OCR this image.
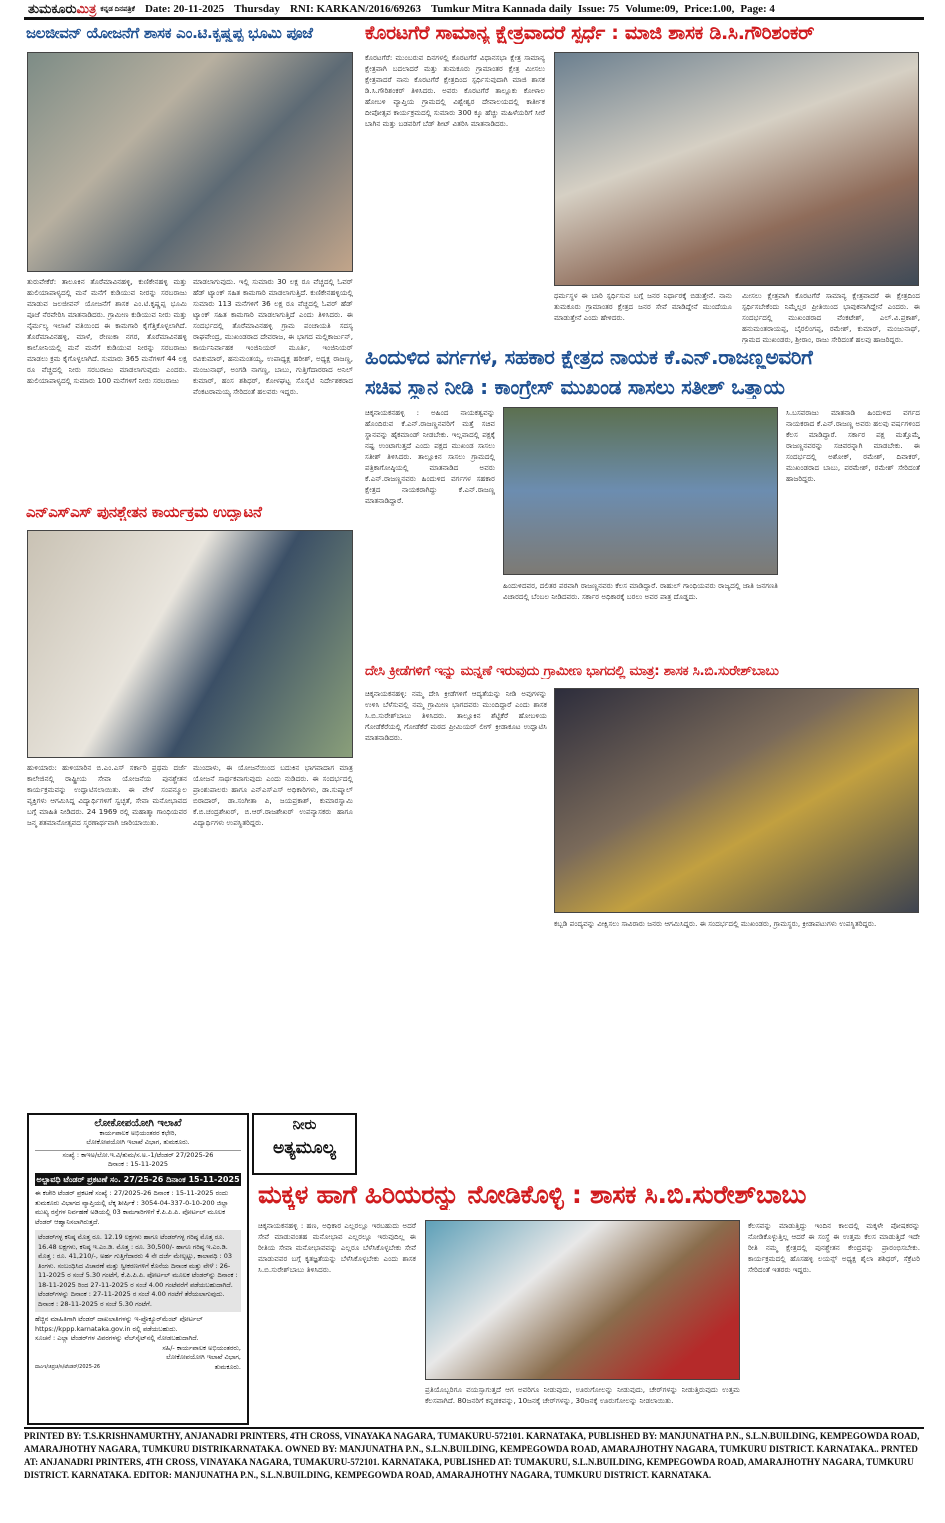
ತುಮಕೂರು ಮಿತ್ರ ಕನ್ನಡ ದಿನಪತ್ರಿಕೆ Date: 20-11-2025 Thursday RNI: KARKAN/2016/69263 Tumkur Mitra Kannada daily Issue: 75 Volume:09, Price:1.00, Page: 4
ಜಲಜೀವನ್ ಯೋಜನೆಗೆ ಶಾಸಕ ಎಂ.ಟಿ.ಕೃಷ್ಣಪ್ಪ ಭೂಮಿ ಪೂಜೆ
ತುರುವೇಕೆರೆ: ತಾಲೂಕಿನ ತೊರೆಮಾವಿನಹಳ್ಳಿ, ಕುಣಿಕೇನಹಳ್ಳಿ ಮತ್ತು ಹುಲಿಯಾಪಾಳ್ಯದಲ್ಲಿ ಮನೆ ಮನೆಗೆ ಕುಡಿಯುವ ನೀರನ್ನು ಸರಬರಾಜು ಮಾಡುವ ಜಲಜೀವನ್ ಯೋಜನೆಗೆ ಶಾಸಕ ಎಂ.ಟಿ.ಕೃಷ್ಣಪ್ಪ ಭೂಮಿ ಪೂಜೆ ನೆರವೇರಿಸಿ ಮಾತನಾಡಿದರು. ಗ್ರಾಮೀಣ ಕುಡಿಯುವ ನೀರು ಮತ್ತು ನೈರ್ಮಲ್ಯ ಇಲಾಖೆ ವತಿಯಿಂದ ಈ ಕಾಮಗಾರಿ ಕೈಗೆತ್ತಿಕೊಳ್ಳಲಾಗಿದೆ. ತೊರೆಮಾವಿನಹಳ್ಳಿ, ಮಾಳೆ, ರೇಣುಕಾ ನಗರ, ತೊರೆಮಾವಿನಹಳ್ಳಿ ಕಾಲೋನಿಯಲ್ಲಿ ಮನೆ ಮನೆಗೆ ಕುಡಿಯುವ ನೀರನ್ನು ಸರಬರಾಜು ಮಾಡಲು ಕ್ರಮ ಕೈಗೊಳ್ಳಲಾಗಿದೆ. ಸುಮಾರು 365 ಮನೆಗಳಿಗೆ 44 ಲಕ್ಷ ರೂ ವೆಚ್ಚದಲ್ಲಿ ನೀರು ಸರಬರಾಜು ಮಾಡಲಾಗುವುದು ಎಂದರು. ಹುಲಿಯಾಪಾಳ್ಯದಲ್ಲಿ ಸುಮಾರು 100 ಮನೆಗಳಿಗೆ ನೀರು ಸರಬರಾಜು
ಮಾಡಲಾಗುವುದು. ಇಲ್ಲಿ ಸುಮಾರು 30 ಲಕ್ಷ ರೂ ವೆಚ್ಚದಲ್ಲಿ ಓವರ್ ಹೆಡ್ ಟ್ಯಾಂಕ್ ಸಹಿತ ಕಾಮಗಾರಿ ಮಾಡಲಾಗುತ್ತಿದೆ. ಕುಣಿಕೇನಹಳ್ಳಿಯಲ್ಲಿ ಸುಮಾರು 113 ಮನೆಗಳಿಗೆ 36 ಲಕ್ಷ ರೂ ವೆಚ್ಚದಲ್ಲಿ ಓವರ್ ಹೆಡ್ ಟ್ಯಾಂಕ್ ಸಹಿತ ಕಾಮಗಾರಿ ಮಾಡಲಾಗುತ್ತಿದೆ ಎಂದು ತಿಳಿಸಿದರು. ಈ ಸಂದರ್ಭದಲ್ಲಿ ತೊರೆಮಾವಿನಹಳ್ಳಿ ಗ್ರಾಮ ಪಂಚಾಯತಿ ಸದಸ್ಯ ರಾಘವೇಂದ್ರ, ಮುಖಂಡರಾದ ದೇವರಾಜ, ಈ ಭಾಗದ ಮಲ್ಲಿಕಾರ್ಜುನ್, ಕಾರ್ಯನಿರ್ವಾಹಕ ಇಂಜಿನಿಯರ್ ಮೂರ್ತಿ, ಇಂಜಿನಿಯರ್ ರವಿಕುಮಾರ್, ಹನುಮಂತಯ್ಯ, ಉಪಾಧ್ಯಕ್ಷ ಹರೀಶ್, ಅಧ್ಯಕ್ಷ ರಾಜಣ್ಣ, ಮಂಜುನಾಥ್, ಅಂಗಡಿ ನಾಗಣ್ಣ, ಬಾಬು, ಗುತ್ತಿಗೆದಾರರಾದ ಅನಿಲ್ ಕುಮಾರ್, ಹಂಸ ಶಶಿಧರ್, ಕೋಳಘಟ್ಟ ಸೊಸೈಟಿ ನಿರ್ದೇಶಕರಾದ ವೆಂಕಟರಾಮಯ್ಯ ಸೇರಿದಂತೆ ಹಲವರು ಇದ್ದರು.
ಕೊರಟಗೆರೆ ಸಾಮಾನ್ಯ ಕ್ಷೇತ್ರವಾದರೆ ಸ್ಪರ್ಧೆ : ಮಾಜಿ ಶಾಸಕ ಡಿ.ಸಿ.ಗೌರಿಶಂಕರ್
ಕೊರಟಗೆರೆ: ಮುಂಬರುವ ದಿನಗಳಲ್ಲಿ ಕೊರಟಗೆರೆ ವಿಧಾನಸಭಾ ಕ್ಷೇತ್ರ ಸಾಮಾನ್ಯ ಕ್ಷೇತ್ರವಾಗಿ ಬದಲಾದರೆ ಮತ್ತು ತುಮಕೂರು ಗ್ರಾಮಾಂತರ ಕ್ಷೇತ್ರ ಮೀಸಲು ಕ್ಷೇತ್ರವಾದರೆ ನಾನು ಕೊರಟಗೆರೆ ಕ್ಷೇತ್ರದಿಂದ ಸ್ಪರ್ಧಿಸುವುದಾಗಿ ಮಾಜಿ ಶಾಸಕ ಡಿ.ಸಿ.ಗೌರಿಶಂಕರ್ ತಿಳಿಸಿದರು. ಅವರು ಕೊರಟಗೆರೆ ತಾಲ್ಲೂಕು ಕೋಳಾಲ ಹೋಬಳಿ ವ್ಯಾಪ್ತಿಯ ಗ್ರಾಮದಲ್ಲಿ ವಿಶ್ವೇಶ್ವರ ದೇವಾಲಯದಲ್ಲಿ ಕಾರ್ತೀಕ ದೀಪೋತ್ಸವ ಕಾರ್ಯಕ್ರಮದಲ್ಲಿ ಸುಮಾರು 300 ಕ್ಕೂ ಹೆಚ್ಚು ಮಹಿಳೆಯರಿಗೆ ಸೀರೆ ಬಾಗಿನ ಮತ್ತು ಬಡವರಿಗೆ ಬೆಡ್ ಶೀಟ್ ವಿತರಿಸಿ ಮಾತನಾಡಿದರು.
ಧರ್ಮಸ್ಥಳ ಈ ಬಾರಿ ಸ್ಪರ್ಧಿಸುವ ಬಗ್ಗೆ ಜನರ ನಿರ್ಧಾರಕ್ಕೆ ಬಿಡುತ್ತೇನೆ. ನಾನು ತುಮಕೂರು ಗ್ರಾಮಾಂತರ ಕ್ಷೇತ್ರದ ಜನರ ಸೇವೆ ಮಾಡಿದ್ದೇನೆ ಮುಂದೆಯೂ ಮಾಡುತ್ತೇನೆ ಎಂದು ಹೇಳಿದರು.
ಮೀಸಲು ಕ್ಷೇತ್ರವಾಗಿ ಕೊರಟಗೆರೆ ಸಾಮಾನ್ಯ ಕ್ಷೇತ್ರವಾದರೆ ಈ ಕ್ಷೇತ್ರದಿಂದ ಸ್ಪರ್ಧಿಸಬೇಕೆಂದು ನಿಮ್ಮೆಲ್ಲರ ಪ್ರೀತಿಯಿಂದ ಭಾವುಕನಾಗಿದ್ದೇನೆ ಎಂದರು. ಈ ಸಂದರ್ಭದಲ್ಲಿ ಮುಖಂಡರಾದ ವೆಂಕಟೇಶ್, ಎಲ್.ವಿ.ಪ್ರಕಾಶ್, ಹನುಮಂತರಾಯಪ್ಪ, ಬೈರಲಿಂಗಪ್ಪ, ರಮೇಶ್, ಕುಮಾರ್, ಮಂಜುನಾಥ್, ಗ್ರಾಮದ ಮುಖಂಡರು, ಶ್ರೀರಾಂ, ರಾಜು ಸೇರಿದಂತೆ ಹಲವು ಹಾಜರಿದ್ದರು.
ಹಿಂದುಳಿದ ವರ್ಗಗಳ, ಸಹಕಾರ ಕ್ಷೇತ್ರದ ನಾಯಕ ಕೆ.ಎನ್.ರಾಜಣ್ಣಅವರಿಗೆ
ಸಚಿವ ಸ್ಥಾನ ನೀಡಿ : ಕಾಂಗ್ರೇಸ್ ಮುಖಂಡ ಸಾಸಲು ಸತೀಶ್ ಒತ್ತಾಯ
ಚಿಕ್ಕನಾಯಕನಹಳ್ಳಿ : ಅಹಿಂದ ನಾಯಕತ್ವವನ್ನು ಹೊಂದಿರುವ ಕೆ.ಎನ್.ರಾಜಣ್ಣನವರಿಗೆ ಮತ್ತೆ ಸಚಿವ ಸ್ಥಾನವನ್ನು ಹೈಕಮಾಂಡ್ ನೀಡಬೇಕು. ಇಲ್ಲವಾದಲ್ಲಿ ಪಕ್ಷಕ್ಕೆ ನಷ್ಟ ಉಂಟಾಗುತ್ತದೆ ಎಂದು ಪಕ್ಷದ ಮುಖಂಡ ಸಾಸಲು ಸತೀಶ್ ತಿಳಿಸಿದರು. ತಾಲ್ಲೂಕಿನ ಸಾಸಲು ಗ್ರಾಮದಲ್ಲಿ ಪತ್ರಿಕಾಗೋಷ್ಠಿಯಲ್ಲಿ ಮಾತನಾಡಿದ ಅವರು ಕೆ.ಎನ್.ರಾಜಣ್ಣನವರು ಹಿಂದುಳಿದ ವರ್ಗಗಳ ಸಹಕಾರ ಕ್ಷೇತ್ರದ ನಾಯಕರಾಗಿದ್ದು ಕೆ.ಎನ್.ರಾಜಣ್ಣ ಮಾತನಾಡಿದ್ದಾರೆ.
ಹಿಂದುಳಿದವರ, ದಲಿತರ ಪರವಾಗಿ ರಾಜಣ್ಣನವರು ಕೆಲಸ ಮಾಡಿದ್ದಾರೆ. ರಾಹುಲ್ ಗಾಂಧಿಯವರು ರಾಜ್ಯದಲ್ಲಿ ಜಾತಿ ಜನಗಣತಿ ವಿಚಾರದಲ್ಲಿ ಬೆಂಬಲ ನೀಡಿದವರು. ಸರ್ಕಾರ ಅಧಿಕಾರಕ್ಕೆ ಬರಲು ಅವರ ಪಾತ್ರ ದೊಡ್ಡದು.
ಸಿ.ಬಸವರಾಜು ಮಾತನಾಡಿ ಹಿಂದುಳಿದ ವರ್ಗದ ನಾಯಕರಾದ ಕೆ.ಎನ್.ರಾಜಣ್ಣ ಅವರು ಹಲವು ವರ್ಷಗಳಿಂದ ಕೆಲಸ ಮಾಡಿದ್ದಾರೆ. ಸರ್ಕಾರ ಪಕ್ಷ ಮತ್ತೊಮ್ಮೆ ರಾಜಣ್ಣನವರನ್ನು ಸಚಿವರನ್ನಾಗಿ ಮಾಡಬೇಕು. ಈ ಸಂದರ್ಭದಲ್ಲಿ ಅಶೋಕ್, ರಮೇಶ್, ದಿವಾಕರ್, ಮುಖಂಡರಾದ ಬಾಬು, ಪರಮೇಶ್, ರಮೇಶ್ ಸೇರಿದಂತೆ ಹಾಜರಿದ್ದರು.
ಎನ್‌ಎಸ್‌ಎಸ್ ಪುನಶ್ಚೇತನ ಕಾರ್ಯಕ್ರಮ ಉದ್ಘಾಟನೆ
ಹುಳಿಯಾರು: ಹುಳಿಯಾರಿನ ಬಿ.ಎಂ.ಎಸ್ ಸರ್ಕಾರಿ ಪ್ರಥಮ ದರ್ಜೆ ಕಾಲೇಜಿನಲ್ಲಿ ರಾಷ್ಟ್ರೀಯ ಸೇವಾ ಯೋಜನೆಯ ಪುನಶ್ಚೇತನ ಕಾರ್ಯಕ್ರಮವನ್ನು ಉದ್ಘಾಟಿಸಲಾಯಿತು. ಈ ವೇಳೆ ಸಂಪನ್ಮೂಲ ವ್ಯಕ್ತಿಗಳು ಆಗಮಿಸಿದ್ದ ವಿದ್ಯಾರ್ಥಿಗಳಿಗೆ ಸ್ವಚ್ಛತೆ, ಸೇವಾ ಮನೋಭಾವದ ಬಗ್ಗೆ ಮಾಹಿತಿ ನೀಡಿದರು. 24 1969 ರಲ್ಲಿ ಮಹಾತ್ಮಾ ಗಾಂಧಿಯವರ ಜನ್ಮ ಶತಮಾನೋತ್ಸವದ ಸ್ಮರಣಾರ್ಥವಾಗಿ ಜಾರಿಯಾಯಿತು.
ಮುಂದಾಳು, ಈ ಯೋಜನೆಯಿಂದ ಬದುಕಿನ ಭಾಗವಾದಾಗ ಮಾತ್ರ ಯೋಜನೆ ಸಾರ್ಥಕವಾಗುವುದು ಎಂದು ನುಡಿದರು. ಈ ಸಂದರ್ಭದಲ್ಲಿ ಪ್ರಾಂಶುಪಾಲರು ಹಾಗೂ ಎನ್‌ಎಸ್‌ಎಸ್ ಅಧಿಕಾರಿಗಳು, ಡಾ.ಸುಷ್ಮಾಲ್ ಬಿರಾದಾರ್, ಡಾ.ಸಂಗೀತಾ ಪಿ, ಜಯಪ್ರಕಾಶ್, ಕುಮಾರಸ್ವಾಮಿ ಕೆ.ಬಿ.ಚಂದ್ರಶೇಖರ್, ಬಿ.ಆರ್.ರಾಜಶೇಖರ್ ಉಪನ್ಯಾಸಕರು ಹಾಗೂ ವಿದ್ಯಾರ್ಥಿಗಳು ಉಪಸ್ಥಿತರಿದ್ದರು.
ದೇಸಿ ಕ್ರೀಡೆಗಳಿಗೆ ಇನ್ನು ಮನ್ನಣೆ ಇರುವುದು ಗ್ರಾಮೀಣ ಭಾಗದಲ್ಲಿ ಮಾತ್ರ: ಶಾಸಕ ಸಿ.ಬಿ.ಸುರೇಶ್‌ಬಾಬು
ಚಿಕ್ಕನಾಯಕನಹಳ್ಳಿ: ನಮ್ಮ ದೇಸಿ ಕ್ರೀಡೆಗಳಿಗೆ ಆದ್ಯತೆಯನ್ನು ನೀಡಿ ಅವುಗಳನ್ನು ಉಳಿಸಿ ಬೆಳೆಸುವಲ್ಲಿ ನಮ್ಮ ಗ್ರಾಮೀಣ ಭಾಗದವರು ಮುಂದಿದ್ದಾರೆ ಎಂದು ಶಾಸಕ ಸಿ.ಬಿ.ಸುರೇಶ್‌ಬಾಬು ತಿಳಿಸಿದರು. ತಾಲ್ಲೂಕಿನ ಶೆಟ್ಟಿಕೆರೆ ಹೋಬಳಿಯ ಗೋಡೆಕೆರೆಯಲ್ಲಿ ಗೋಡೆಕೆರೆ ಮಠದ ಪ್ರೀಮಿಯರ್ ಲೀಗ್ ಕ್ರೀಡಾಕೂಟ ಉದ್ಘಾಟಿಸಿ ಮಾತನಾಡಿದರು.
ಕಬ್ಬಡಿ ಪಂದ್ಯವನ್ನು ವೀಕ್ಷಿಸಲು ಸಾವಿರಾರು ಜನರು ಆಗಮಿಸಿದ್ದರು. ಈ ಸಂದರ್ಭದಲ್ಲಿ ಮುಖಂಡರು, ಗ್ರಾಮಸ್ಥರು, ಕ್ರೀಡಾಪಟುಗಳು ಉಪಸ್ಥಿತರಿದ್ದರು.
ಲೋಕೋಪಯೋಗಿ ಇಲಾಖೆ
ಕಾರ್ಯಪಾಲಕ ಅಭಿಯಂತರರ ಕಛೇರಿ,
ಲೋಕೋಪಯೋಗಿ ಇಲಾಖೆ ವಿಭಾಗ, ತುಮಕೂರು.
ಸಂಖ್ಯೆ : ಕಾಇಅ/ಲೋ.ಇ.ವಿ/ತುಮ/ಸ.ಅ.-1/ಟೆಂಡರ್ 27/2025-26
ದಿನಾಂಕ : 15-11-2025
ಅಲ್ಪಾವಧಿ ಟೆಂಡರ್ ಪ್ರಕಟಣೆ ಸಂ. 27/25-26 ದಿನಾಂಕ 15-11-2025
ಈ ಕಚೇರಿ ಟೆಂಡರ್ ಪ್ರಕಟಣೆ ಸಂಖ್ಯೆ : 27/2025-26 ದಿನಾಂಕ : 15-11-2025 ರಂದು ತುಮಕೂರು ವಿಭಾಗದ ವ್ಯಾಪ್ತಿಯಲ್ಲಿ ಲೆಕ್ಕ ಶೀರ್ಷಿಕೆ : 3054-04-337-0-10-200 ಜಿಲ್ಲಾ ಮುಖ್ಯ ರಸ್ತೆಗಳ ನಿರ್ವಹಣೆ ಅಡಿಯಲ್ಲಿ 03 ಕಾಮಗಾರಿಗಳಿಗೆ ಕೆ.ಪಿ.ಪಿ.ಪಿ. ಪೋರ್ಟಲ್ ಮೂಲಕ ಟೆಂಡರ್ ಆಹ್ವಾನಿಸಲಾಗಿರುತ್ತದೆ.
ಟೆಂಡರ್‌ಗಳ್ಳ ಕನಿಷ್ಠ ಮೊತ್ತ ರೂ. 12.19 ಲಕ್ಷಗಳು ಹಾಗೂ ಟೆಂಡರ್‌ಗಳ್ಳ ಗರಿಷ್ಠ ಮೊತ್ತ ರೂ. 16.48 ಲಕ್ಷಗಳು, ಕನಿಷ್ಠ ಇ.ಎಂ.ಡಿ. ಮೊತ್ತ : ರೂ. 30,500/- ಹಾಗೂ ಗರಿಷ್ಠ ಇ.ಎಂ.ಡಿ. ಮೊತ್ತ : ರೂ. 41,210/-, ಅರ್ಹ ಗುತ್ತಿಗೆದಾರರು 4 ನೇ ದರ್ಜೆ ಮೇಲ್ಪಟ್ಟು, ಕಾಲಾವಧಿ : 03 ತಿಂಗಳು. ಸಂಬಂಧಿಸಿದ ವಿಚಾರಣೆ ಮತ್ತು ಸ್ವೀಕರಣಗಳಿಗೆ ಕೊನೆಯ ದಿನಾಂಕ ಮತ್ತು ವೇಳೆ : 26-11-2025 ರ ಸಂಜೆ 5.30 ಗಂಟೆಗೆ, ಕೆ.ಪಿ.ಪಿ.ಪಿ. ಪೋರ್ಟಲ್ ಮೂಲಕ ಟೆಂಡರ್‌ನ್ನು ದಿನಾಂಕ : 18-11-2025 ರಿಂದ 27-11-2025 ರ ಸಂಜೆ 4.00 ಗಂಟೆವರೆಗೆ ಪಡೆಯಬಹುದಾಗಿದೆ. ಟೆಂಡರ್‌ಗಳನ್ನು ದಿನಾಂಕ : 27-11-2025 ರ ಸಂಜೆ 4.00 ಗಂಟೆಗೆ ತೆರೆಯಲಾಗುವುದು. ದಿನಾಂಕ : 28-11-2025 ರ ಸಂಜೆ 5.30 ಗಂಟೆಗೆ.
ಹೆಚ್ಚಿನ ಮಾಹಿತಿಗಾಗಿ ಟೆಂಡರ್ ದಾಖಲಾತಿಗಳನ್ನು ಇ-ಪ್ರೊಕ್ಯೂರ್‌ಮೆಂಟ್ ಪೋರ್ಟಲ್ https://kppp.karnataka.gov.in ರಲ್ಲಿ ಪಡೆಯಬಹುದು.
ಸೂಚನೆ : ಎಲ್ಲಾ ಟೆಂಡರ್‌ಗಳ ವಿವರಗಳನ್ನು ವೆಬ್‌ಸೈಟ್‌ನಲ್ಲಿ ನೋಡಬಹುದಾಗಿದೆ.
ಸಹಿ/- ಕಾರ್ಯಪಾಲಕ ಅಭಿಯಂತರರು,
ಲೋಕೋಪಯೋಗಿ ಇಲಾಖೆ ವಿಭಾಗ,
ವಾಎಇ/ಜಿಪ್ರಚ/ಸಿ/ಟೆಂಡರ್/2025-26	ತುಮಕೂರು.
ನೀರು
ಅತ್ಯಮೂಲ್ಯ
ಮಕ್ಕಳ ಹಾಗೆ ಹಿರಿಯರನ್ನು ನೋಡಿಕೊಳ್ಳಿ : ಶಾಸಕ ಸಿ.ಬಿ.ಸುರೇಶ್‌ಬಾಬು
ಚಿಕ್ಕನಾಯಕನಹಳ್ಳಿ : ಹಣ, ಅಧಿಕಾರ ಎಲ್ಲರಲ್ಲೂ ಇರಬಹುದು ಅದರೆ ಸೇವೆ ಮಾಡುವಂತಹ ಮನೋಭಾವ ಎಲ್ಲರಲ್ಲೂ ಇರುವುದಿಲ್ಲ ಈ ರೀತಿಯ ಸೇವಾ ಮನೋಭಾವವನ್ನು ಎಲ್ಲರೂ ಬೆಳೆಸಿಕೊಳ್ಳಬೇಕು ಸೇವೆ ಮಾಡುವವರ ಬಗ್ಗೆ ಕೃತಜ್ಞತೆಯನ್ನು ಬೆಳೆಸಿಕೊಳ್ಳಬೇಕು ಎಂದು ಶಾಸಕ ಸಿ.ಬಿ.ಸುರೇಶ್‌ಬಾಬು ತಿಳಿಸಿದರು.
ಪ್ರತಿಯೊಬ್ಬರಿಗೂ ವಯಸ್ಸಾಗುತ್ತದೆ ಆಗ ಅವರಿಗೂ ನೀಡುವುದು, ಊರುಗೋಲನ್ನು ನೀಡುವುದು, ಚೇರ್‌ಗಳನ್ನು ನೀಡುತ್ತಿರುವುದು ಉತ್ತಮ ಕೆಲಸವಾಗಿದೆ. 80ಜನರಿಗೆ ಕನ್ನಡಕವನ್ನು, 10ಜನಕ್ಕೆ ಚೇರ್‌ಗಳನ್ನು, 30ಜನಕ್ಕೆ ಊರುಗೋಲನ್ನು ನೀಡಲಾಯಿತು.
ಕೆಲಸವನ್ನು ಮಾಡುತ್ತಿದ್ದು ಇಂದಿನ ಕಾಲದಲ್ಲಿ ಮಕ್ಕಳೇ ಪೋಷಕರನ್ನು ನೋಡಿಕೊಳ್ಳುತ್ತಿಲ್ಲ ಆದರೆ ಈ ಸಂಸ್ಥೆ ಈ ಉತ್ತಮ ಕೆಲಸ ಮಾಡುತ್ತಿದೆ ಇದೇ ರೀತಿ ನಮ್ಮ ಕ್ಷೇತ್ರದಲ್ಲಿ ಪುನಶ್ಚೇತನ ಕೇಂದ್ರವನ್ನು ಪ್ರಾರಂಭಿಸಬೇಕು. ಕಾರ್ಯಕ್ರಮದಲ್ಲಿ ಹೊಸಹಳ್ಳಿ ಲಯನ್ಸ್ ಅಧ್ಯಕ್ಷ ಶೈಲಾ ಶಶಿಧರ್, ಸೆಕ್ರೆಟರಿ ಸೇರಿದಂತೆ ಇತರರು ಇದ್ದರು.
PRINTED BY: T.S.KRISHNAMURTHY, ANJANADRI PRINTERS, 4TH CROSS, VINAYAKA NAGARA, TUMAKURU-572101. KARNATAKA, PUBLISHED BY: MANJUNATHA P.N., S.L.N.BUILDING, KEMPEGOWDA ROAD, AMARAJHOTHY NAGARA, TUMKURU DISTRIKARNATAKA. OWNED BY: MANJUNATHA P.N., S.L.N.BUILDING, KEMPEGOWDA ROAD, AMARAJHOTHY NAGARA, TUMKURU DISTRICT. KARNATAKA.. PRNTED AT: ANJANADRI PRINTERS, 4TH CROSS, VINAYAKA NAGARA, TUMAKURU-572101. KARNATAKA, PUBLISHED AT: TUMAKURU, S.L.N.BUILDING, KEMPEGOWDA ROAD, AMARAJHOTHY NAGARA, TUMKURU DISTRICT. KARNATAKA. EDITOR: MANJUNATHA P.N., S.L.N.BUILDING, KEMPEGOWDA ROAD, AMARAJHOTHY NAGARA, TUMKURU DISTRICT. KARNATAKA.
